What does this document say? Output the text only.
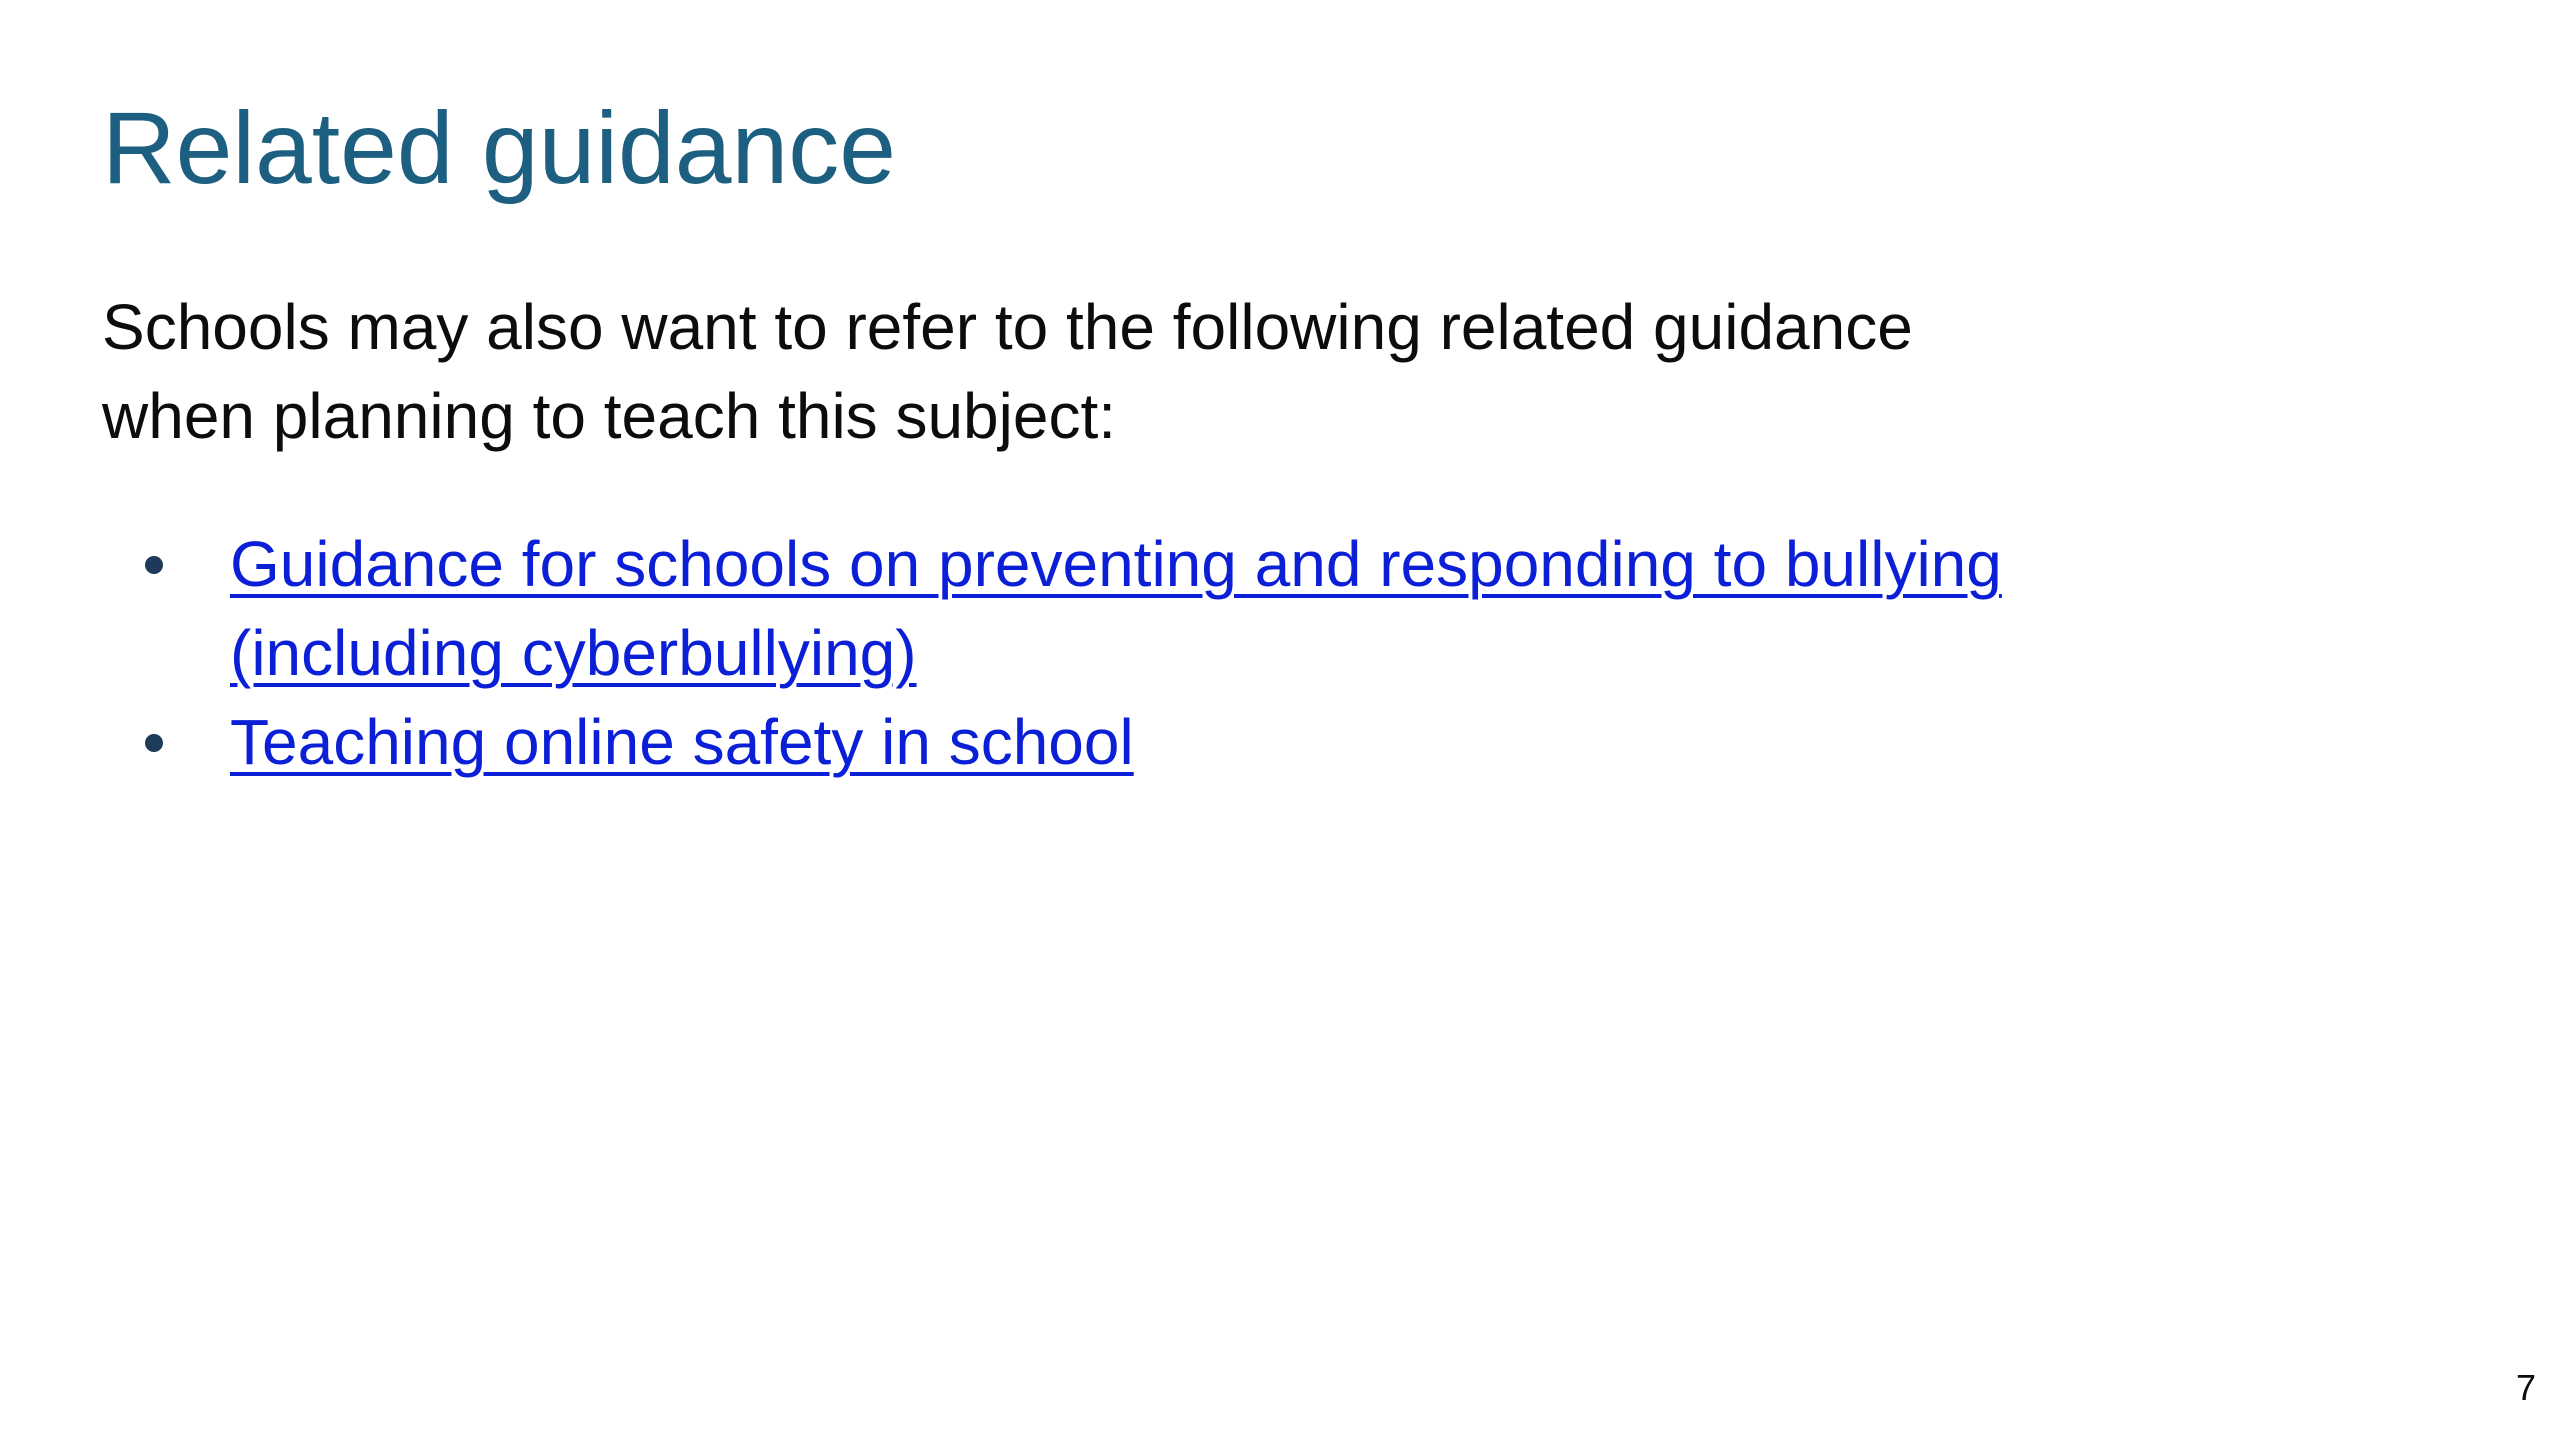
Related guidance

Schools may also want to refer to the following related guidance
when planning to teach this subject:

Guidance for schools on preventing and responding to bullying
(including cyberbullying)
Teaching online safety in school
7
